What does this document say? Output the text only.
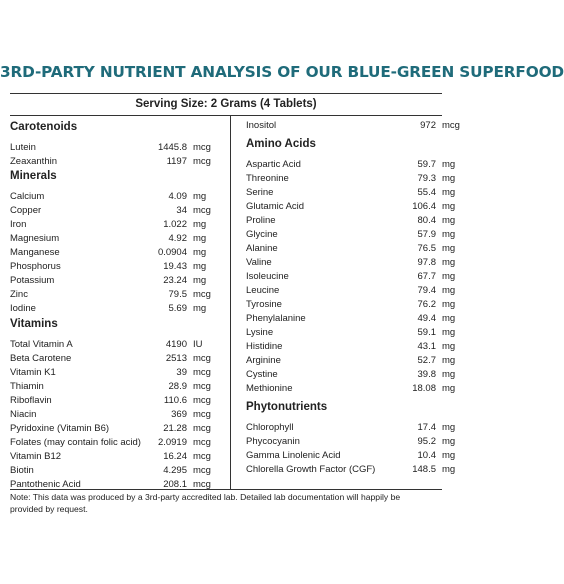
3RD-PARTY NUTRIENT ANALYSIS OF OUR BLUE-GREEN SUPERFOOD
Serving Size: 2 Grams (4 Tablets)
Carotenoids
Lutein	1445.8 mcg
Zeaxanthin	1197 mcg
Minerals
Calcium	4.09 mg
Copper	34 mcg
Iron	1.022 mg
Magnesium	4.92 mg
Manganese	0.0904 mg
Phosphorus	19.43 mg
Potassium	23.24 mg
Zinc	79.5 mcg
Iodine	5.69 mg
Vitamins
Total Vitamin A	4190 IU
Beta Carotene	2513 mcg
Vitamin K1	39 mcg
Thiamin	28.9 mcg
Riboflavin	110.6 mcg
Niacin	369 mcg
Pyridoxine (Vitamin B6)	21.28 mcg
Folates (may contain folic acid)	2.0919 mcg
Vitamin B12	16.24 mcg
Biotin	4.295 mcg
Pantothenic Acid	208.1 mcg
Inositol	972 mcg
Amino Acids
Aspartic Acid	59.7 mg
Threonine	79.3 mg
Serine	55.4 mg
Glutamic Acid	106.4 mg
Proline	80.4 mg
Glycine	57.9 mg
Alanine	76.5 mg
Valine	97.8 mg
Isoleucine	67.7 mg
Leucine	79.4 mg
Tyrosine	76.2 mg
Phenylalanine	49.4 mg
Lysine	59.1 mg
Histidine	43.1 mg
Arginine	52.7 mg
Cystine	39.8 mg
Methionine	18.08 mg
Phytonutrients
Chlorophyll	17.4 mg
Phycocyanin	95.2 mg
Gamma Linolenic Acid	10.4 mg
Chlorella Growth Factor (CGF)	148.5 mg
Note: This data was produced by a 3rd-party accredited lab. Detailed lab documentation will happily be provided by request.
